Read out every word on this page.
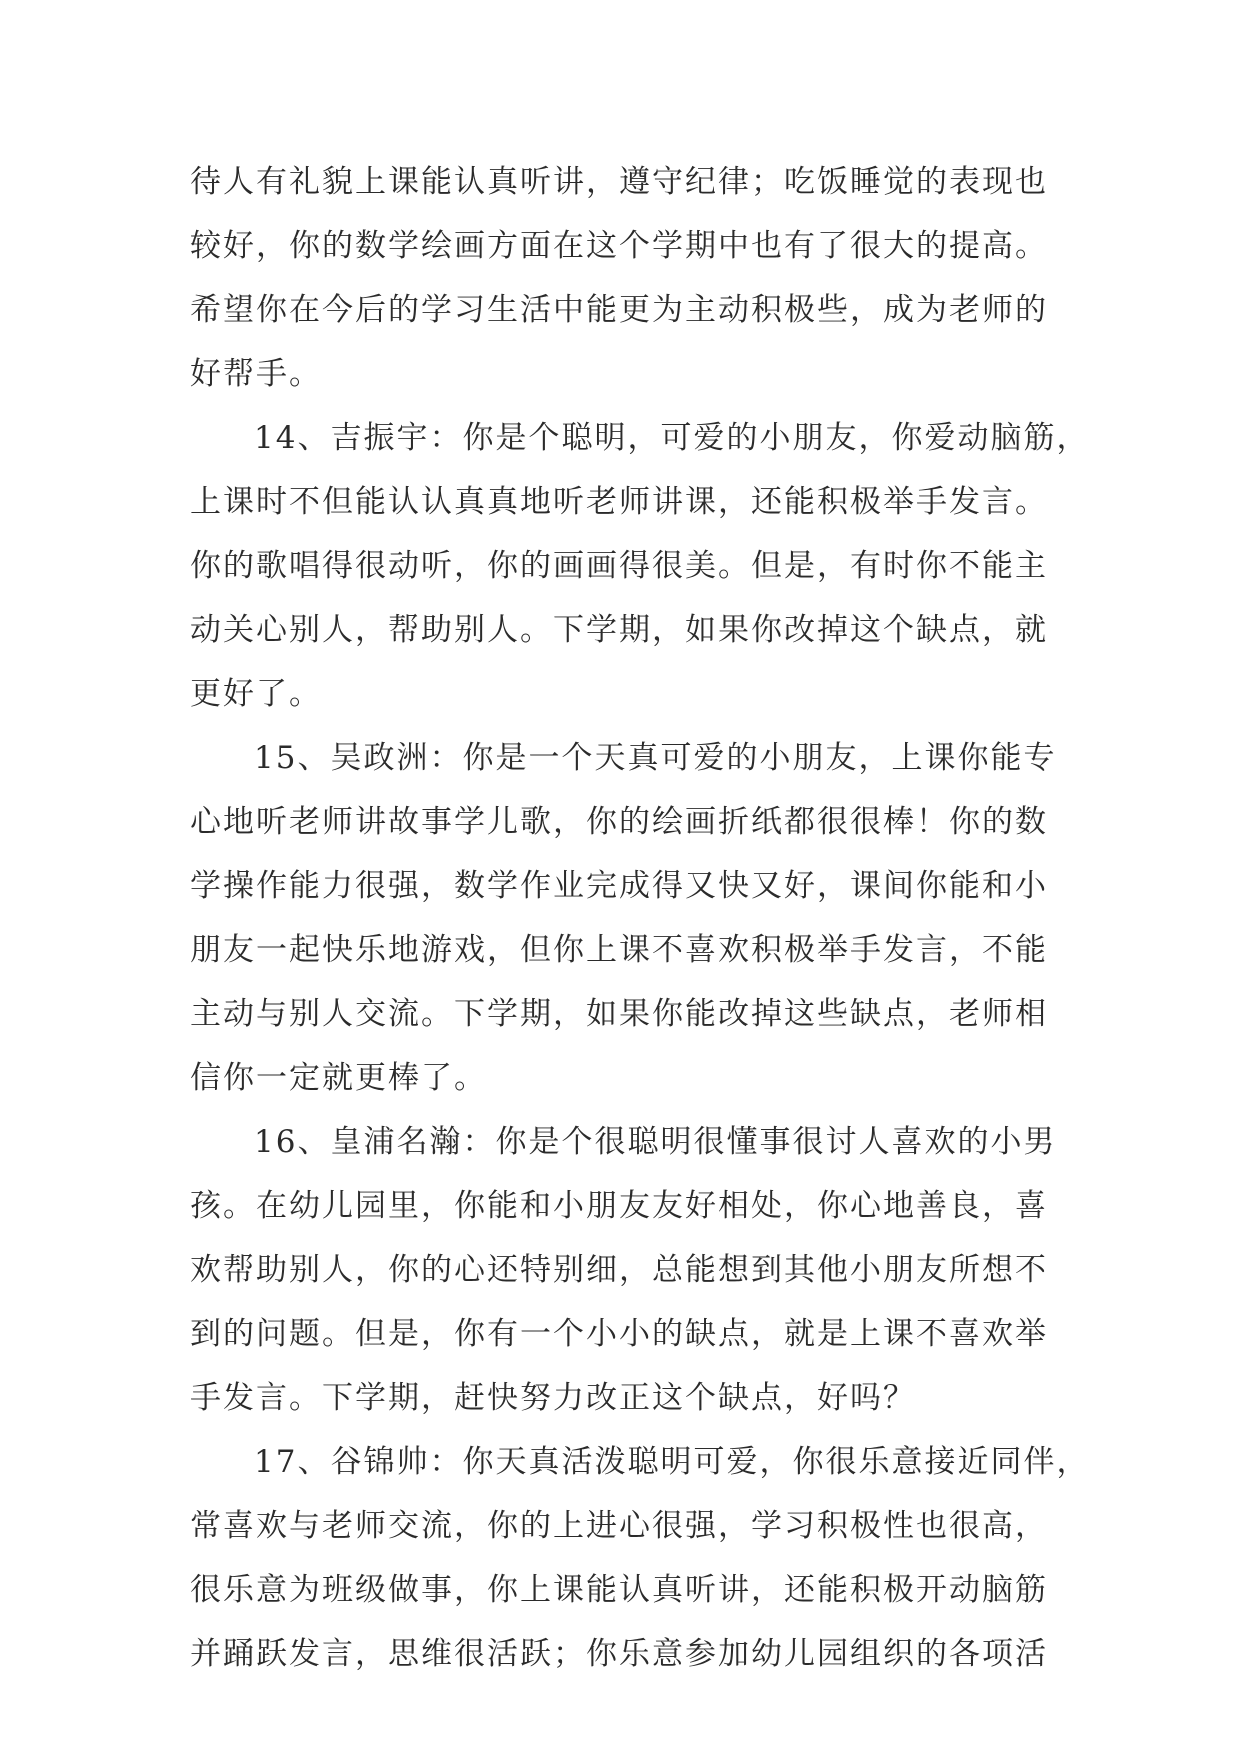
待人有礼貌上课能认真听讲，遵守纪律；吃饭睡觉的表现也
较好，你的数学绘画方面在这个学期中也有了很大的提高。
希望你在今后的学习生活中能更为主动积极些，成为老师的
好帮手。
14、吉振宇：你是个聪明，可爱的小朋友，你爱动脑筋，
上课时不但能认认真真地听老师讲课，还能积极举手发言。
你的歌唱得很动听，你的画画得很美。但是，有时你不能主
动关心别人，帮助别人。下学期，如果你改掉这个缺点，就
更好了。
15、吴政洲：你是一个天真可爱的小朋友，上课你能专
心地听老师讲故事学儿歌，你的绘画折纸都很很棒！你的数
学操作能力很强，数学作业完成得又快又好，课间你能和小
朋友一起快乐地游戏，但你上课不喜欢积极举手发言，不能
主动与别人交流。下学期，如果你能改掉这些缺点，老师相
信你一定就更棒了。
16、皇浦名瀚：你是个很聪明很懂事很讨人喜欢的小男
孩。在幼儿园里，你能和小朋友友好相处，你心地善良，喜
欢帮助别人，你的心还特别细，总能想到其他小朋友所想不
到的问题。但是，你有一个小小的缺点，就是上课不喜欢举
手发言。下学期，赶快努力改正这个缺点，好吗？
17、谷锦帅：你天真活泼聪明可爱，你很乐意接近同伴，
常喜欢与老师交流，你的上进心很强，学习积极性也很高，
很乐意为班级做事，你上课能认真听讲，还能积极开动脑筋
并踊跃发言，思维很活跃；你乐意参加幼儿园组织的各项活
